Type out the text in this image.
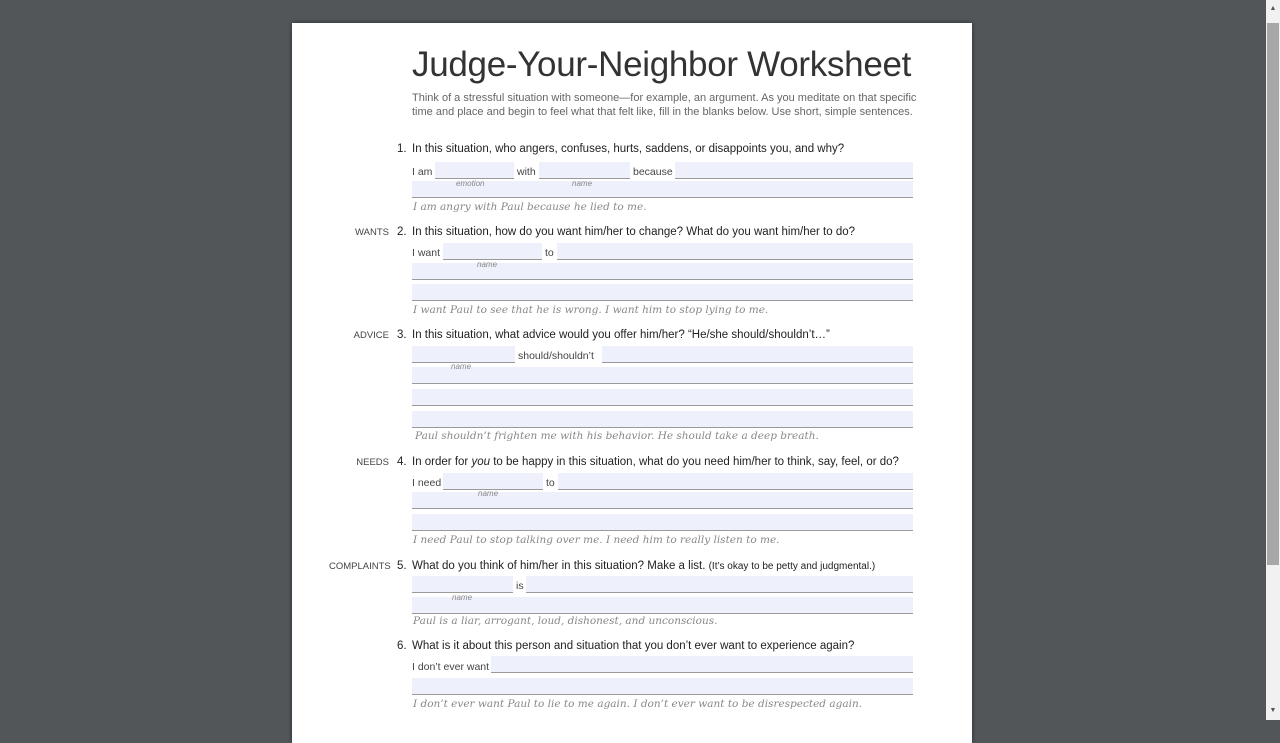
Judge-Your-Neighbor Worksheet
Think of a stressful situation with someone—for example, an argument. As you meditate on that specific
time and place and begin to feel what that felt like, fill in the blanks below. Use short, simple sentences.
1. In this situation, who angers, confuses, hurts, saddens, or disappoints you, and why?
I am	with	because
emotion	name
I am angry with Paul because he lied to me.
WANTS 2. In this situation, how do you want him/her to change? What do you want him/her to do?
I want	to
name
I want Paul to see that he is wrong. I want him to stop lying to me.
ADVICE 3. In this situation, what advice would you offer him/her? “He/she should/shouldn’t…”
should/shouldn’t
name
Paul shouldn’t frighten me with his behavior. He should take a deep breath.
NEEDS 4. In order for you to be happy in this situation, what do you need him/her to think, say, feel, or do?
I need	to
name
I need Paul to stop talking over me. I need him to really listen to me.
COMPLAINTS 5. What do you think of him/her in this situation? Make a list. (It’s okay to be petty and judgmental.)
is
name
Paul is a liar, arrogant, loud, dishonest, and unconscious.
6. What is it about this person and situation that you don’t ever want to experience again?
I don’t ever want
I don’t ever want Paul to lie to me again. I don’t ever want to be disrespected again.
▲
▼
